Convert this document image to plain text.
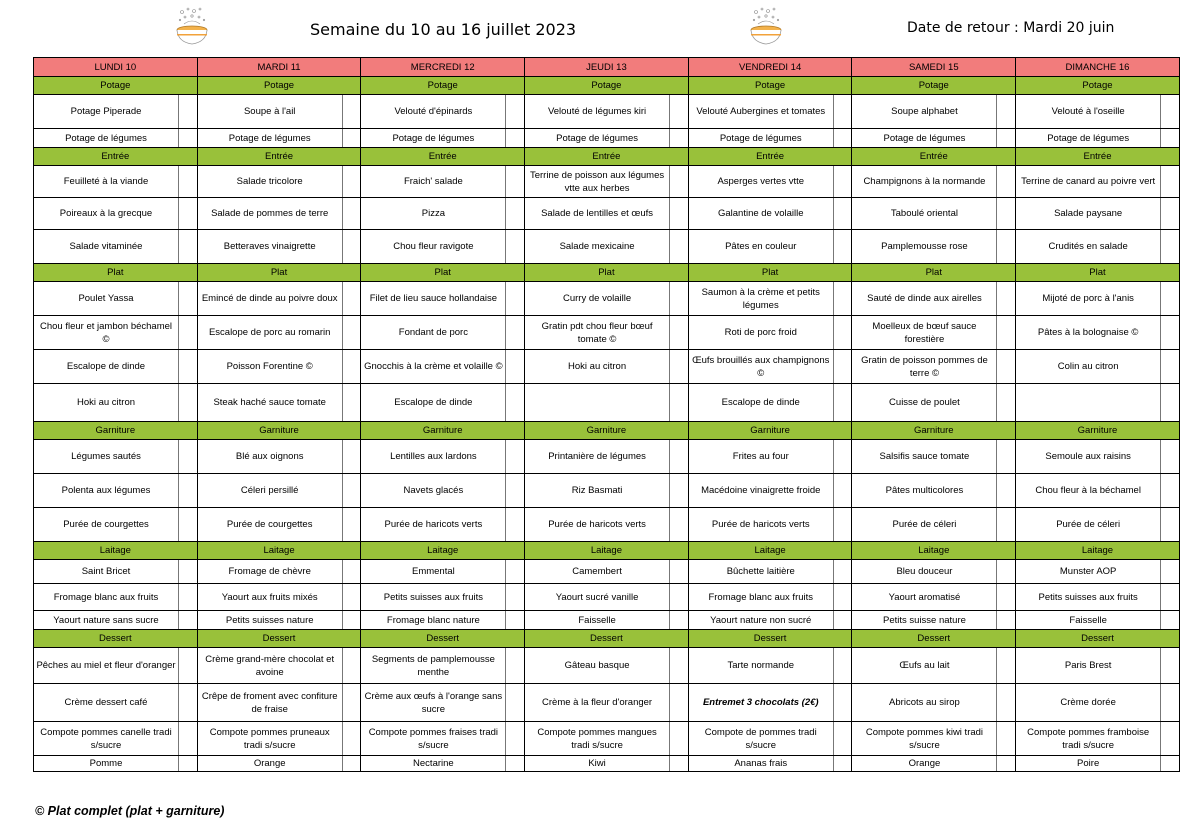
Semaine du 10 au 16 juillet 2023	Date de retour : Mardi 20 juin
LUNDI 10		MARDI 11		MERCREDI 12		JEUDI 13		VENDREDI 14		SAMEDI 15		DIMANCHE 16	
Potage		Potage		Potage		Potage		Potage		Potage		Potage	
Potage Piperade		Soupe à l'ail		Velouté d'épinards		Velouté de légumes kiri		Velouté Aubergines et tomates		Soupe alphabet		Velouté à l'oseille	
Potage de légumes		Potage de légumes		Potage de légumes		Potage de légumes		Potage de légumes		Potage de légumes		Potage de légumes	
Entrée		Entrée		Entrée		Entrée		Entrée		Entrée		Entrée	
Feuilleté à la viande		Salade tricolore		Fraich' salade		Terrine de poisson aux légumes vtte aux herbes		Asperges vertes vtte		Champignons à la normande		Terrine de canard au poivre vert	
Poireaux à la grecque		Salade de pommes de terre		Pizza		Salade de lentilles et œufs		Galantine de volaille		Taboulé oriental		Salade paysane	
Salade vitaminée		Betteraves vinaigrette		Chou fleur ravigote		Salade mexicaine		Pâtes en couleur		Pamplemousse rose		Crudités en salade	
Plat		Plat		Plat		Plat		Plat		Plat		Plat	
Poulet Yassa		Emincé de dinde au poivre doux		Filet de lieu sauce hollandaise		Curry de volaille		Saumon à la crème et petits légumes		Sauté de dinde aux airelles		Mijoté de porc à l'anis	
Chou fleur et jambon béchamel ©		Escalope de porc au romarin		Fondant de porc		Gratin pdt chou fleur bœuf tomate ©		Roti de porc froid		Moelleux de bœuf sauce forestière		Pâtes à la bolognaise ©	
Escalope de dinde		Poisson Forentine ©		Gnocchis à la crème et volaille ©		Hoki au citron		Œufs brouillés aux champignons ©		Gratin de poisson pommes de terre ©		Colin au citron	
Hoki au citron		Steak haché sauce tomate		Escalope de dinde				Escalope de dinde		Cuisse de poulet			
Garniture		Garniture		Garniture		Garniture		Garniture		Garniture		Garniture	
Légumes sautés		Blé aux oignons		Lentilles aux lardons		Printanière de légumes		Frites au four		Salsifis sauce tomate		Semoule aux raisins	
Polenta aux légumes		Céleri persillé		Navets glacés		Riz Basmati		Macédoine vinaigrette froide		Pâtes multicolores		Chou fleur à la béchamel	
Purée de courgettes		Purée de courgettes		Purée de haricots verts		Purée de haricots verts		Purée de haricots verts		Purée de céleri		Purée de céleri	
Laitage		Laitage		Laitage		Laitage		Laitage		Laitage		Laitage	
Saint Bricet		Fromage de chèvre		Emmental		Camembert		Bûchette laitière		Bleu douceur		Munster AOP	
Fromage blanc aux fruits		Yaourt aux fruits mixés		Petits suisses aux fruits		Yaourt sucré vanille		Fromage blanc aux fruits		Yaourt aromatisé		Petits suisses aux fruits	
Yaourt nature sans sucre		Petits suisses nature		Fromage blanc nature		Faisselle		Yaourt nature non sucré		Petits suisse nature		Faisselle	
Dessert		Dessert		Dessert		Dessert		Dessert		Dessert		Dessert	
Pêches au miel et fleur d'oranger		Crème grand-mère chocolat et avoine		Segments de pamplemousse menthe		Gâteau basque		Tarte normande		Œufs au lait		Paris Brest	
Crème dessert café		Crêpe de froment avec confiture de fraise		Crème aux œufs à l'orange sans sucre		Crème à la fleur d'oranger		Entremet 3 chocolats (2€)		Abricots au sirop		Crème dorée	
Compote pommes canelle tradi s/sucre		Compote pommes pruneaux tradi s/sucre		Compote pommes fraises tradi s/sucre		Compote pommes mangues tradi s/sucre		Compote de pommes tradi s/sucre		Compote pommes kiwi tradi s/sucre		Compote pommes framboise tradi s/sucre	
Pomme		Orange		Nectarine		Kiwi		Ananas frais		Orange		Poire	
© Plat complet (plat + garniture)
